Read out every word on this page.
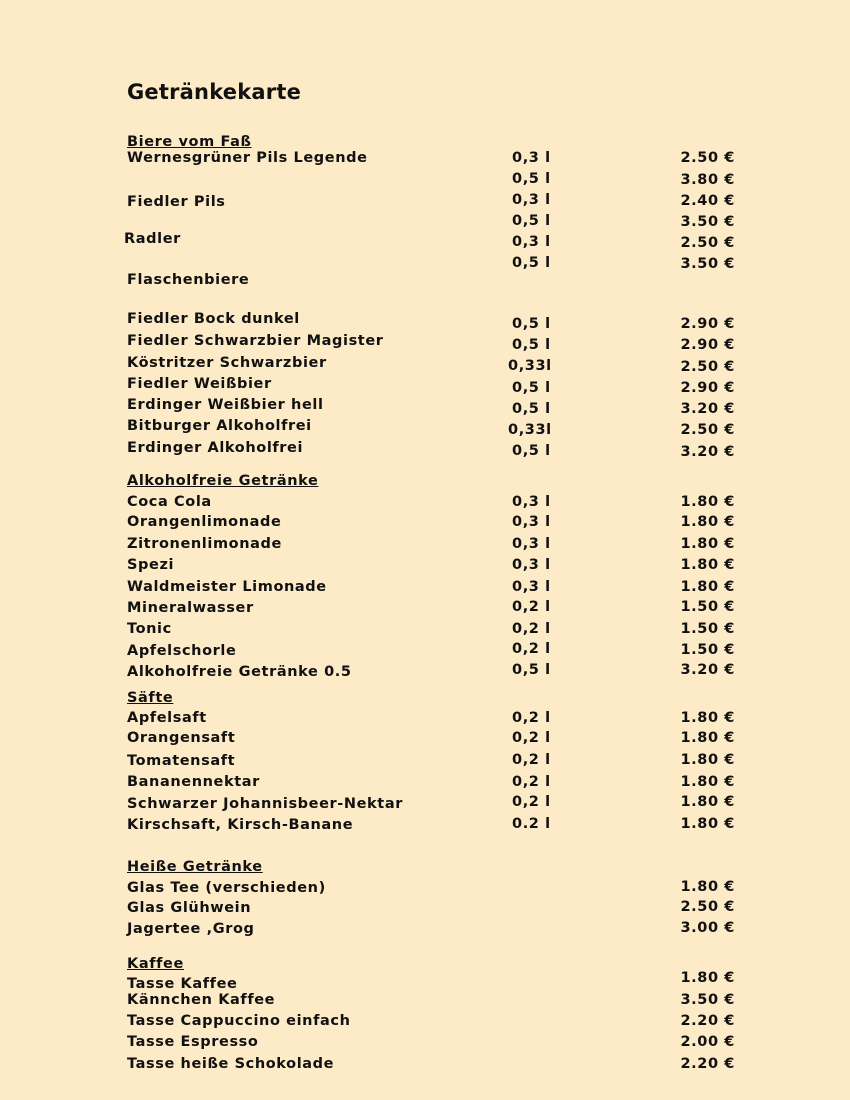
Getränkekarte
Biere vom Faß
Wernesgrüner Pils Legende	0,3 l	2.50 €
0,5 l	3.80 €
Fiedler Pils	0,3 l	2.40 €
0,5 l	3.50 €
Radler	0,3 l	2.50 €
0,5 l	3.50 €
Flaschenbiere
Fiedler Bock dunkel	0,5 l	2.90 €
Fiedler Schwarzbier Magister	0,5 l	2.90 €
Köstritzer Schwarzbier	0,33l	2.50 €
Fiedler Weißbier	0,5 l	2.90 €
Erdinger Weißbier hell	0,5 l	3.20 €
Bitburger Alkoholfrei	0,33l	2.50 €
Erdinger Alkoholfrei	0,5 l	3.20 €
Alkoholfreie Getränke
Coca Cola	0,3 l	1.80 €
Orangenlimonade	0,3 l	1.80 €
Zitronenlimonade	0,3 l	1.80 €
Spezi	0,3 l	1.80 €
Waldmeister Limonade	0,3 l	1.80 €
Mineralwasser	0,2 l	1.50 €
Tonic	0,2 l	1.50 €
Apfelschorle	0,2 l	1.50 €
Alkoholfreie Getränke 0.5	0,5 l	3.20 €
Säfte
Apfelsaft	0,2 l	1.80 €
Orangensaft	0,2 l	1.80 €
Tomatensaft	0,2 l	1.80 €
Bananennektar	0,2 l	1.80 €
Schwarzer Johannisbeer-Nektar	0,2 l	1.80 €
Kirschsaft, Kirsch-Banane	0.2 l	1.80 €
Heiße Getränke
Glas Tee (verschieden)	1.80 €
Glas Glühwein	2.50 €
Jagertee ,Grog	3.00 €
Kaffee
Tasse Kaffee	1.80 €
Kännchen Kaffee	3.50 €
Tasse Cappuccino einfach	2.20 €
Tasse Espresso	2.00 €
Tasse heiße Schokolade	2.20 €
